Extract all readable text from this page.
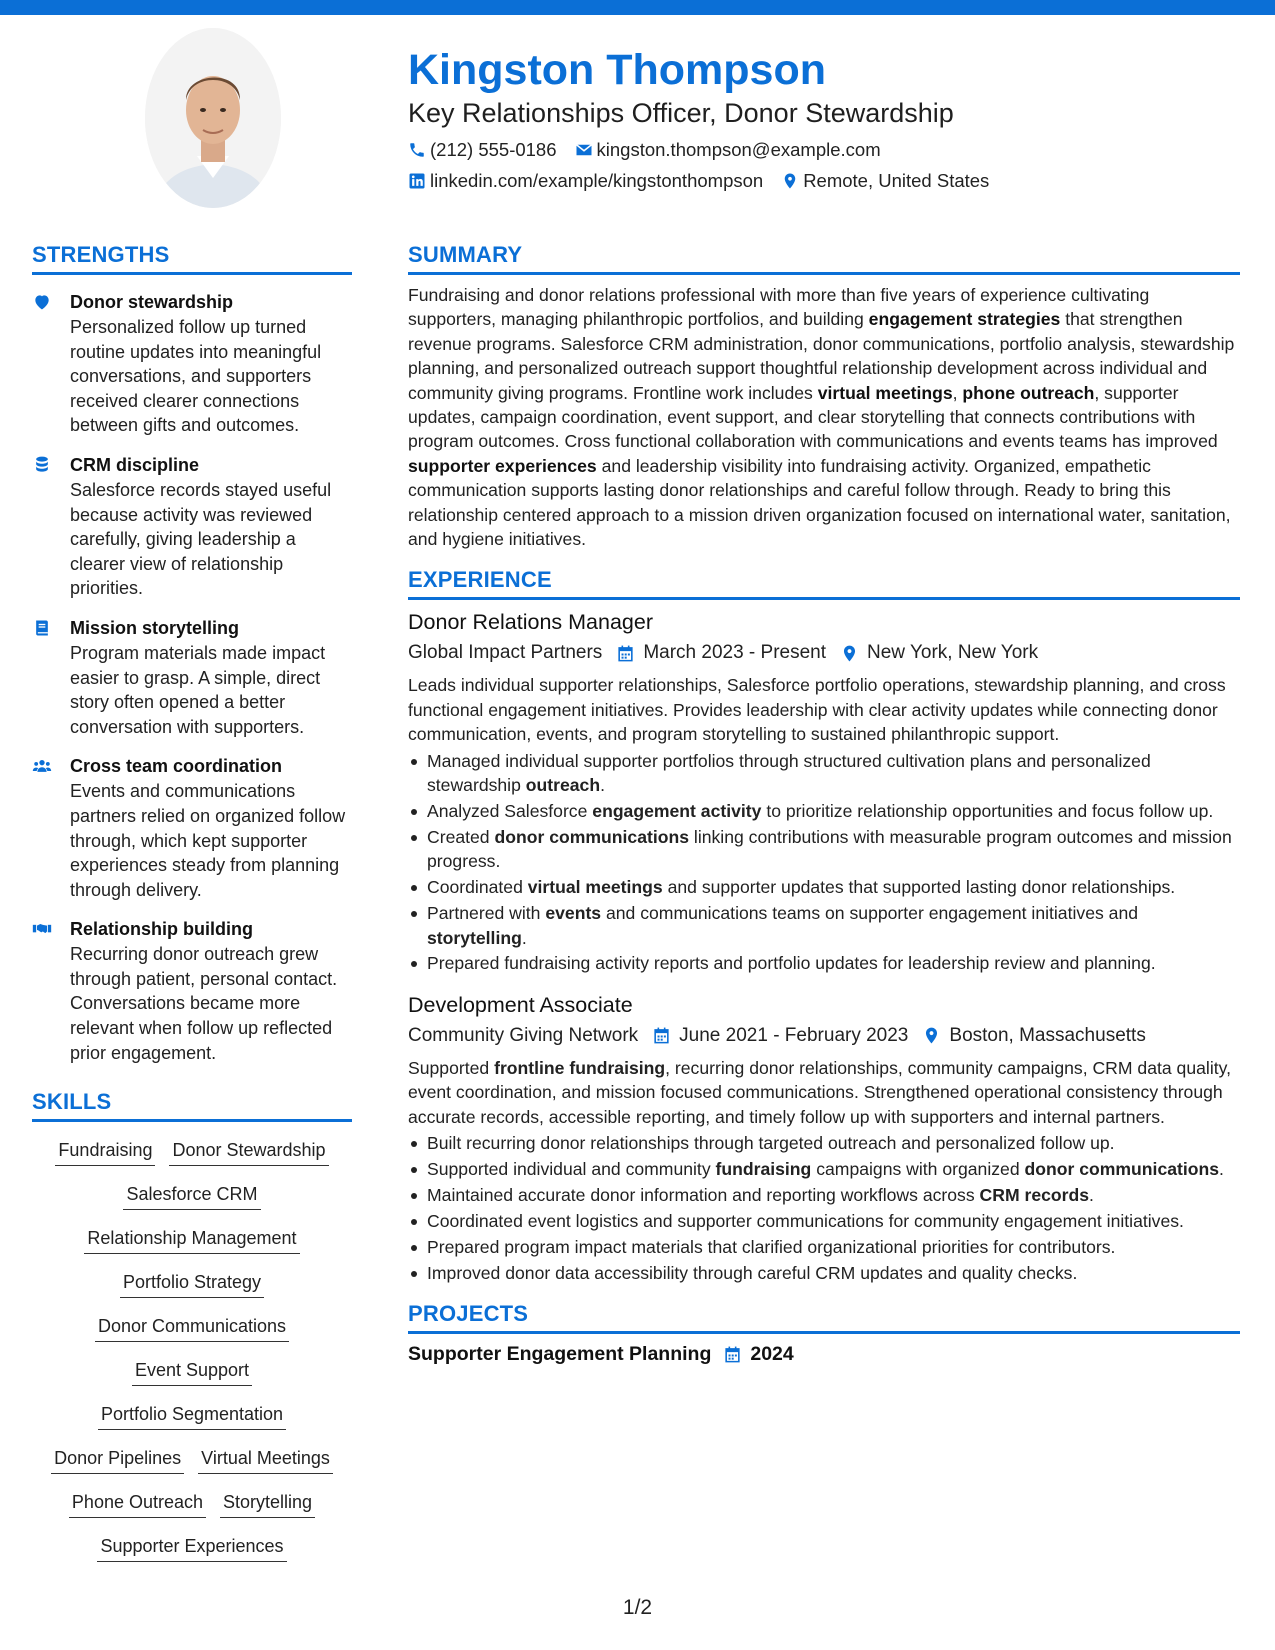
Kingston Thompson
Key Relationships Officer, Donor Stewardship
(212) 555-0186 kingston.thompson@example.com
linkedin.com/example/kingstonthompson Remote, United States
STRENGTHS
Donor stewardship
Personalized follow up turned routine updates into meaningful conversations, and supporters received clearer connections between gifts and outcomes.
CRM discipline
Salesforce records stayed useful because activity was reviewed carefully, giving leadership a clearer view of relationship priorities.
Mission storytelling
Program materials made impact easier to grasp. A simple, direct story often opened a better conversation with supporters.
Cross team coordination
Events and communications partners relied on organized follow through, which kept supporter experiences steady from planning through delivery.
Relationship building
Recurring donor outreach grew through patient, personal contact. Conversations became more relevant when follow up reflected prior engagement.
SKILLS
Fundraising Donor Stewardship
Salesforce CRM
Relationship Management
Portfolio Strategy
Donor Communications
Event Support
Portfolio Segmentation
Donor Pipelines Virtual Meetings
Phone Outreach Storytelling
Supporter Experiences
SUMMARY
Fundraising and donor relations professional with more than five years of experience cultivating supporters, managing philanthropic portfolios, and building engagement strategies that strengthen revenue programs. Salesforce CRM administration, donor communications, portfolio analysis, stewardship planning, and personalized outreach support thoughtful relationship development across individual and community giving programs. Frontline work includes virtual meetings, phone outreach, supporter updates, campaign coordination, event support, and clear storytelling that connects contributions with program outcomes. Cross functional collaboration with communications and events teams has improved supporter experiences and leadership visibility into fundraising activity. Organized, empathetic communication supports lasting donor relationships and careful follow through. Ready to bring this relationship centered approach to a mission driven organization focused on international water, sanitation, and hygiene initiatives.
EXPERIENCE
Donor Relations Manager
Global Impact Partners	March 2023 - Present	New York, New York
Leads individual supporter relationships, Salesforce portfolio operations, stewardship planning, and cross functional engagement initiatives. Provides leadership with clear activity updates while connecting donor communication, events, and program storytelling to sustained philanthropic support.
Managed individual supporter portfolios through structured cultivation plans and personalized stewardship outreach.
Analyzed Salesforce engagement activity to prioritize relationship opportunities and focus follow up.
Created donor communications linking contributions with measurable program outcomes and mission progress.
Coordinated virtual meetings and supporter updates that supported lasting donor relationships.
Partnered with events and communications teams on supporter engagement initiatives and storytelling.
Prepared fundraising activity reports and portfolio updates for leadership review and planning.
Development Associate
Community Giving Network	June 2021 - February 2023	Boston, Massachusetts
Supported frontline fundraising, recurring donor relationships, community campaigns, CRM data quality, event coordination, and mission focused communications. Strengthened operational consistency through accurate records, accessible reporting, and timely follow up with supporters and internal partners.
Built recurring donor relationships through targeted outreach and personalized follow up.
Supported individual and community fundraising campaigns with organized donor communications.
Maintained accurate donor information and reporting workflows across CRM records.
Coordinated event logistics and supporter communications for community engagement initiatives.
Prepared program impact materials that clarified organizational priorities for contributors.
Improved donor data accessibility through careful CRM updates and quality checks.
PROJECTS
Supporter Engagement Planning 2024
1/2
